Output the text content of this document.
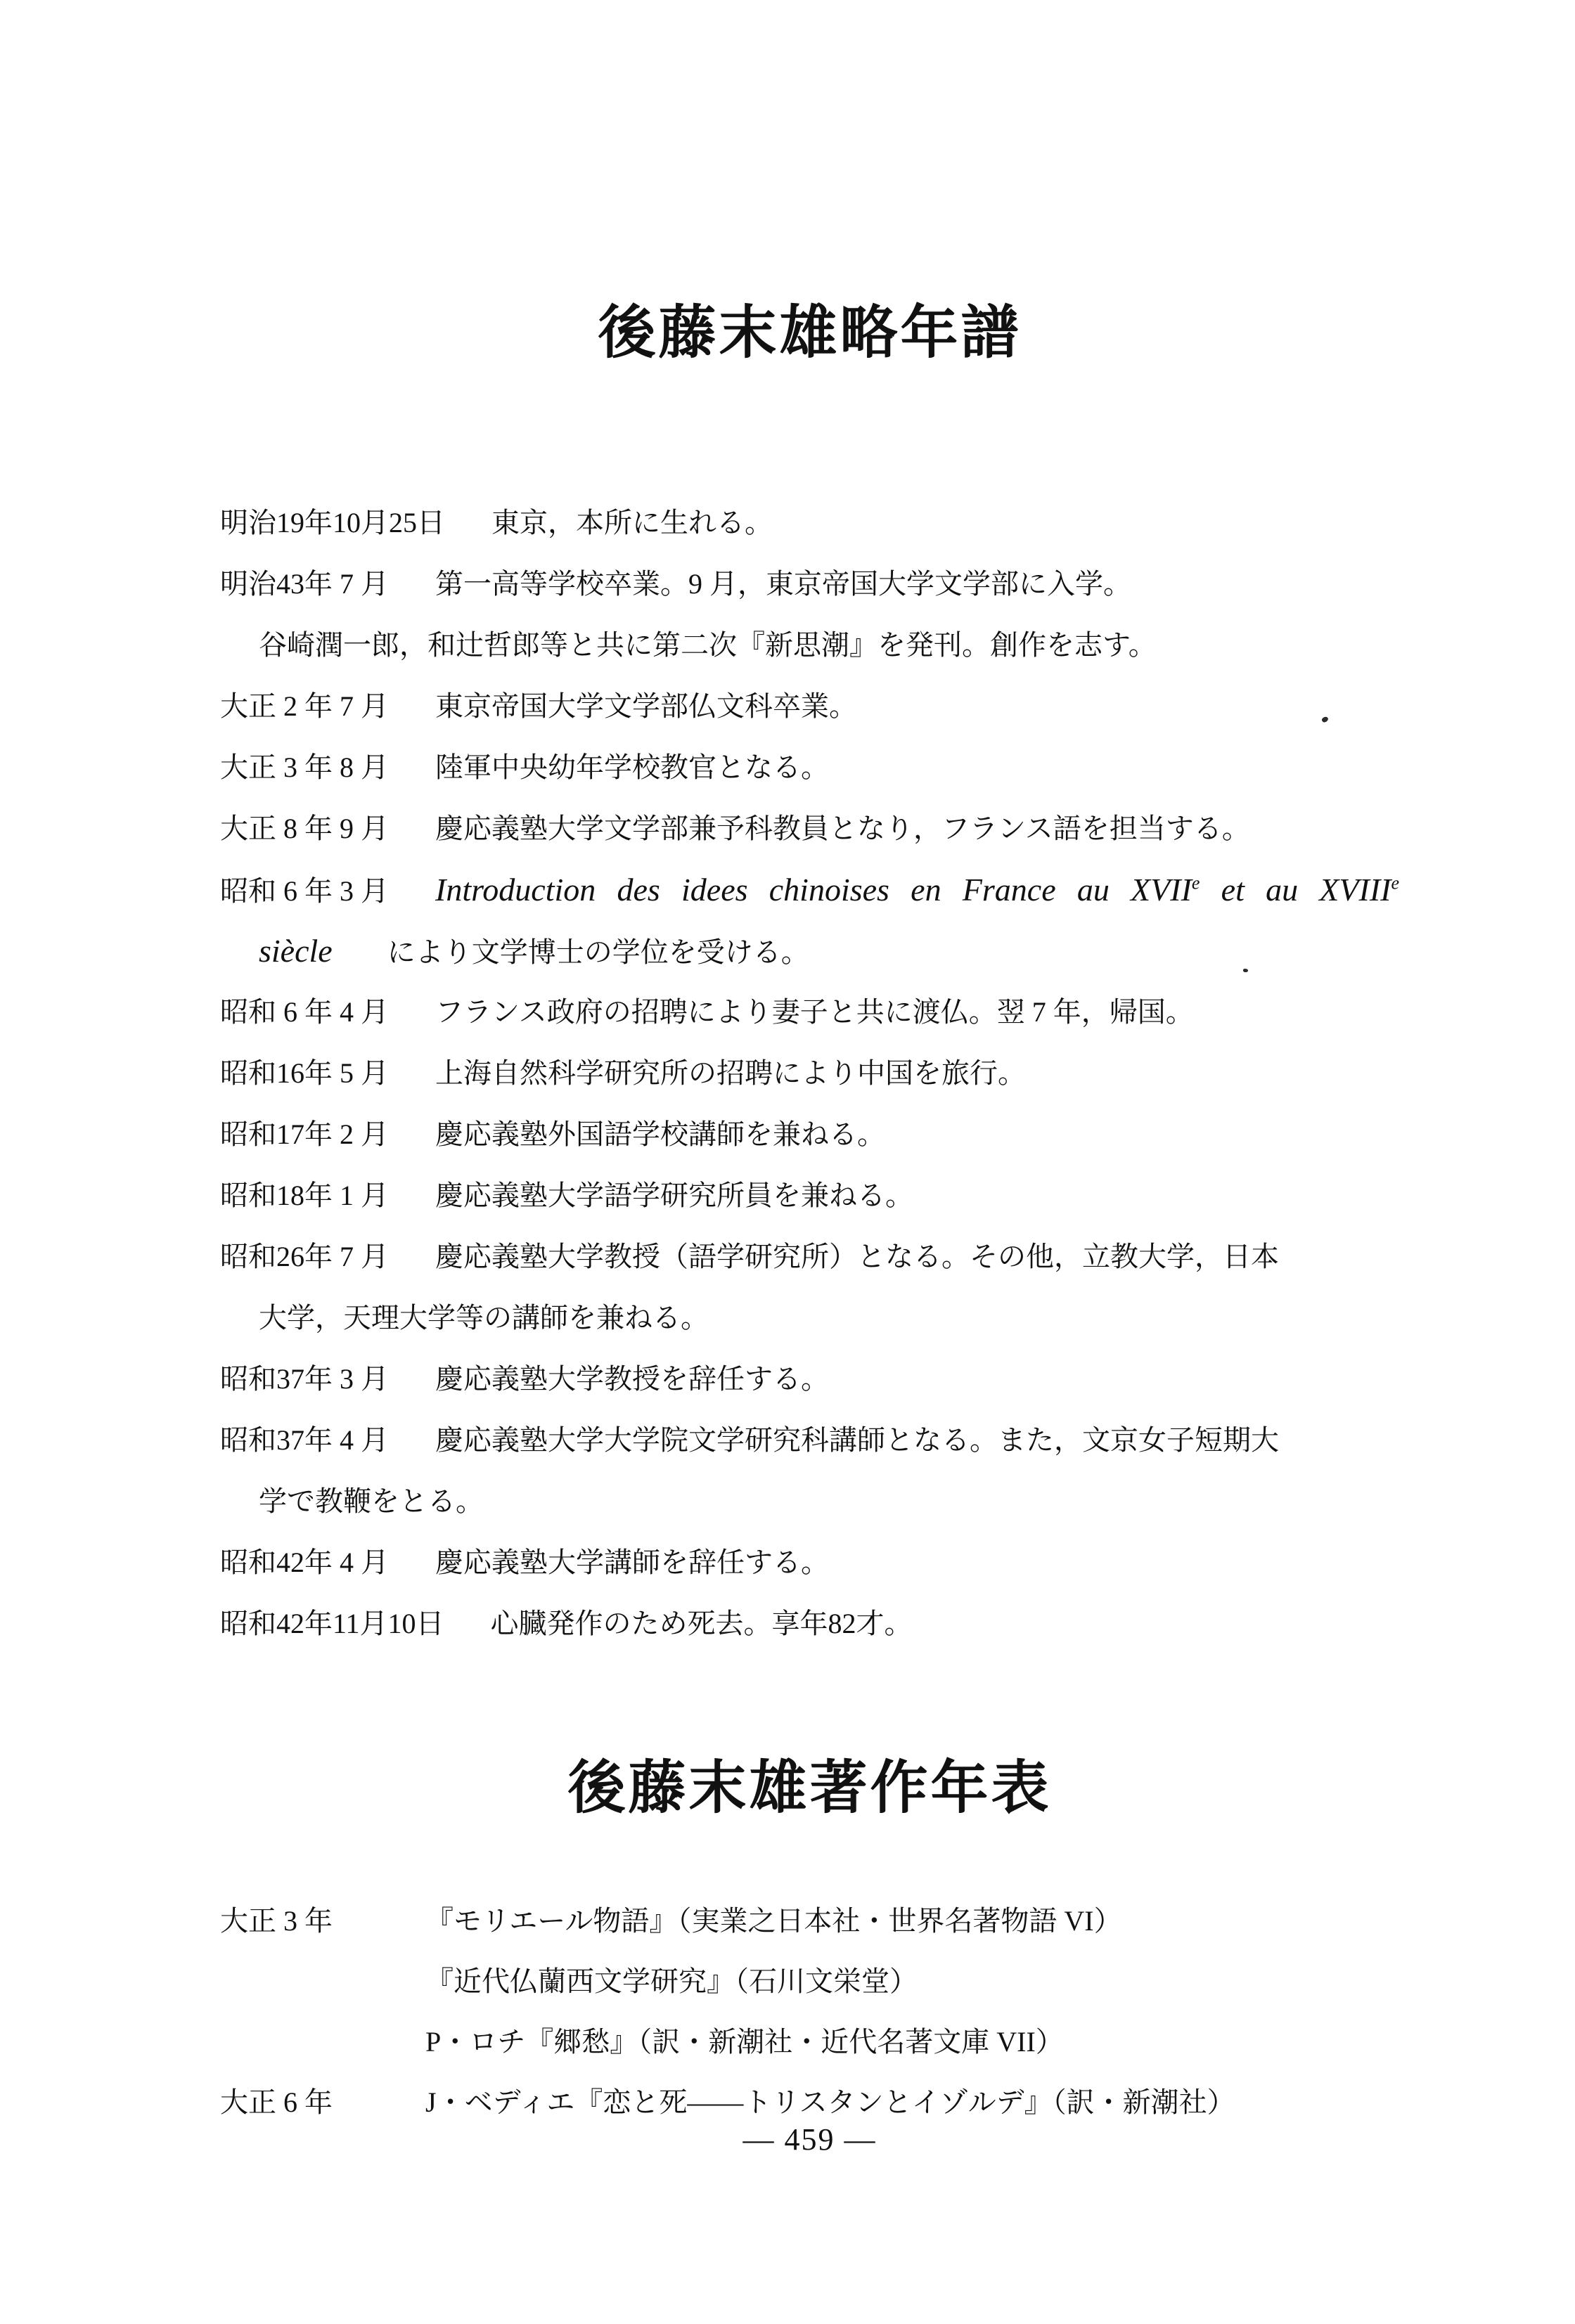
後藤末雄略年譜
明治19年10月25日 東京，本所に生れる。
明治43年 7 月 第一高等学校卒業。9 月，東京帝国大学文学部に入学。
谷崎潤一郎，和辻哲郎等と共に第二次『新思潮』を発刊。創作を志す。
大正 2 年 7 月 東京帝国大学文学部仏文科卒業。
大正 3 年 8 月 陸軍中央幼年学校教官となる。
大正 8 年 9 月 慶応義塾大学文学部兼予科教員となり，フランス語を担当する。
昭和 6 年 3 月 Introduction des idees chinoises en France au XVIIe et au XVIIIe
siècle により文学博士の学位を受ける。
昭和 6 年 4 月 フランス政府の招聘により妻子と共に渡仏。翌 7 年，帰国。
昭和16年 5 月 上海自然科学研究所の招聘により中国を旅行。
昭和17年 2 月 慶応義塾外国語学校講師を兼ねる。
昭和18年 1 月 慶応義塾大学語学研究所員を兼ねる。
昭和26年 7 月 慶応義塾大学教授（語学研究所）となる。その他，立教大学，日本
大学，天理大学等の講師を兼ねる。
昭和37年 3 月 慶応義塾大学教授を辞任する。
昭和37年 4 月 慶応義塾大学大学院文学研究科講師となる。また，文京女子短期大
学で教鞭をとる。
昭和42年 4 月 慶応義塾大学講師を辞任する。
昭和42年11月10日 心臓発作のため死去。享年82才。
後藤末雄著作年表
大正 3 年	『モリエール物語』（実業之日本社・世界名著物語 VI）
『近代仏蘭西文学研究』（石川文栄堂）
P・ロチ『郷愁』（訳・新潮社・近代名著文庫 VII）
大正 6 年	J・ベディエ『恋と死——トリスタンとイゾルデ』（訳・新潮社）
— 459 —
